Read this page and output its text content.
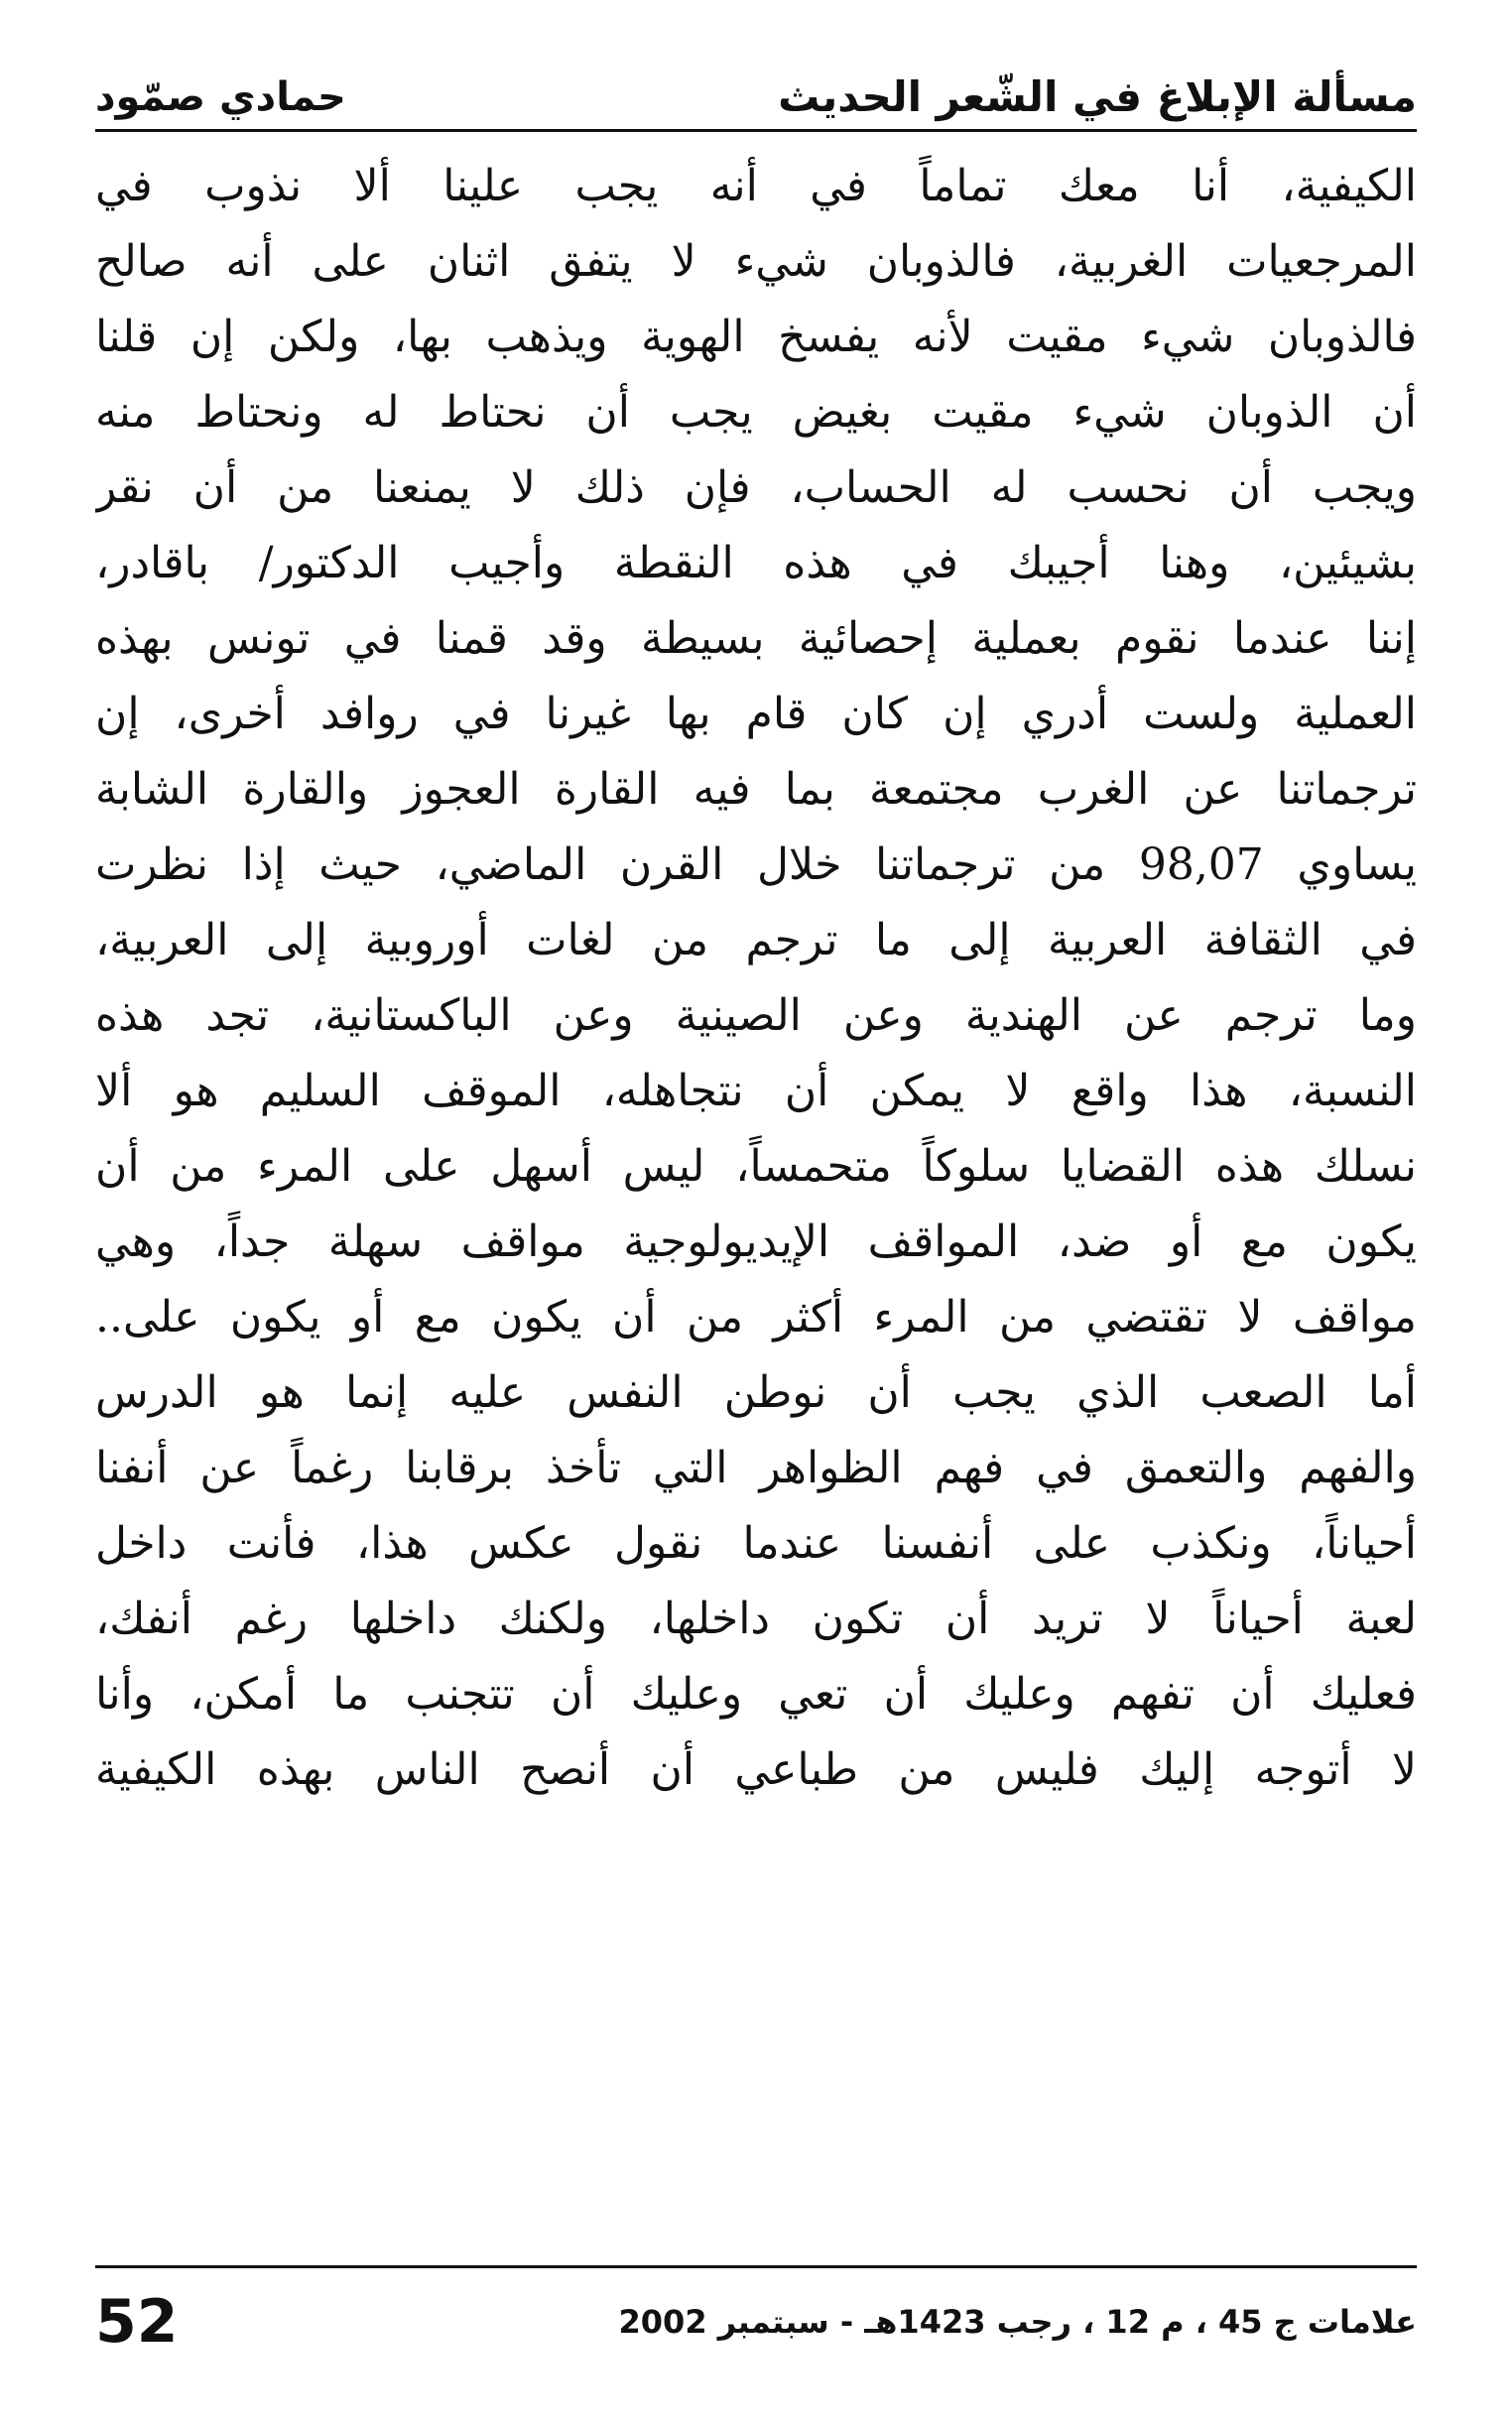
مسألة الإبلاغ في الشّعر الحديث
حمادي صمّود
الكيفية، أنا معك تماماً في أنه يجب علينا ألا نذوب في
المرجعيات الغربية، فالذوبان شيء لا يتفق اثنان على أنه صالح
فالذوبان شيء مقيت لأنه يفسخ الهوية ويذهب بها، ولكن إن قلنا
أن الذوبان شيء مقيت بغيض يجب أن نحتاط له ونحتاط منه
ويجب أن نحسب له الحساب، فإن ذلك لا يمنعنا من أن نقر
بشيئين، وهنا أجيبك في هذه النقطة وأجيب الدكتور/ باقادر،
إننا عندما نقوم بعملية إحصائية بسيطة وقد قمنا في تونس بهذه
العملية ولست أدري إن كان قام بها غيرنا في روافد أخرى، إن
ترجماتنا عن الغرب مجتمعة بما فيه القارة العجوز والقارة الشابة
يساوي 98,07 من ترجماتنا خلال القرن الماضي، حيث إذا نظرت
في الثقافة العربية إلى ما ترجم من لغات أوروبية إلى العربية،
وما ترجم عن الهندية وعن الصينية وعن الباكستانية، تجد هذه
النسبة، هذا واقع لا يمكن أن نتجاهله، الموقف السليم هو ألا
نسلك هذه القضايا سلوكاً متحمساً، ليس أسهل على المرء من أن
يكون مع أو ضد، المواقف الإيديولوجية مواقف سهلة جداً، وهي
مواقف لا تقتضي من المرء أكثر من أن يكون مع أو يكون على..
أما الصعب الذي يجب أن نوطن النفس عليه إنما هو الدرس
والفهم والتعمق في فهم الظواهر التي تأخذ برقابنا رغماً عن أنفنا
أحياناً، ونكذب على أنفسنا عندما نقول عكس هذا، فأنت داخل
لعبة أحياناً لا تريد أن تكون داخلها، ولكنك داخلها رغم أنفك،
فعليك أن تفهم وعليك أن تعي وعليك أن تتجنب ما أمكن، وأنا
لا أتوجه إليك فليس من طباعي أن أنصح الناس بهذه الكيفية
علامات ج 45 ، م 12 ، رجب 1423هـ - سبتمبر 2002
52
